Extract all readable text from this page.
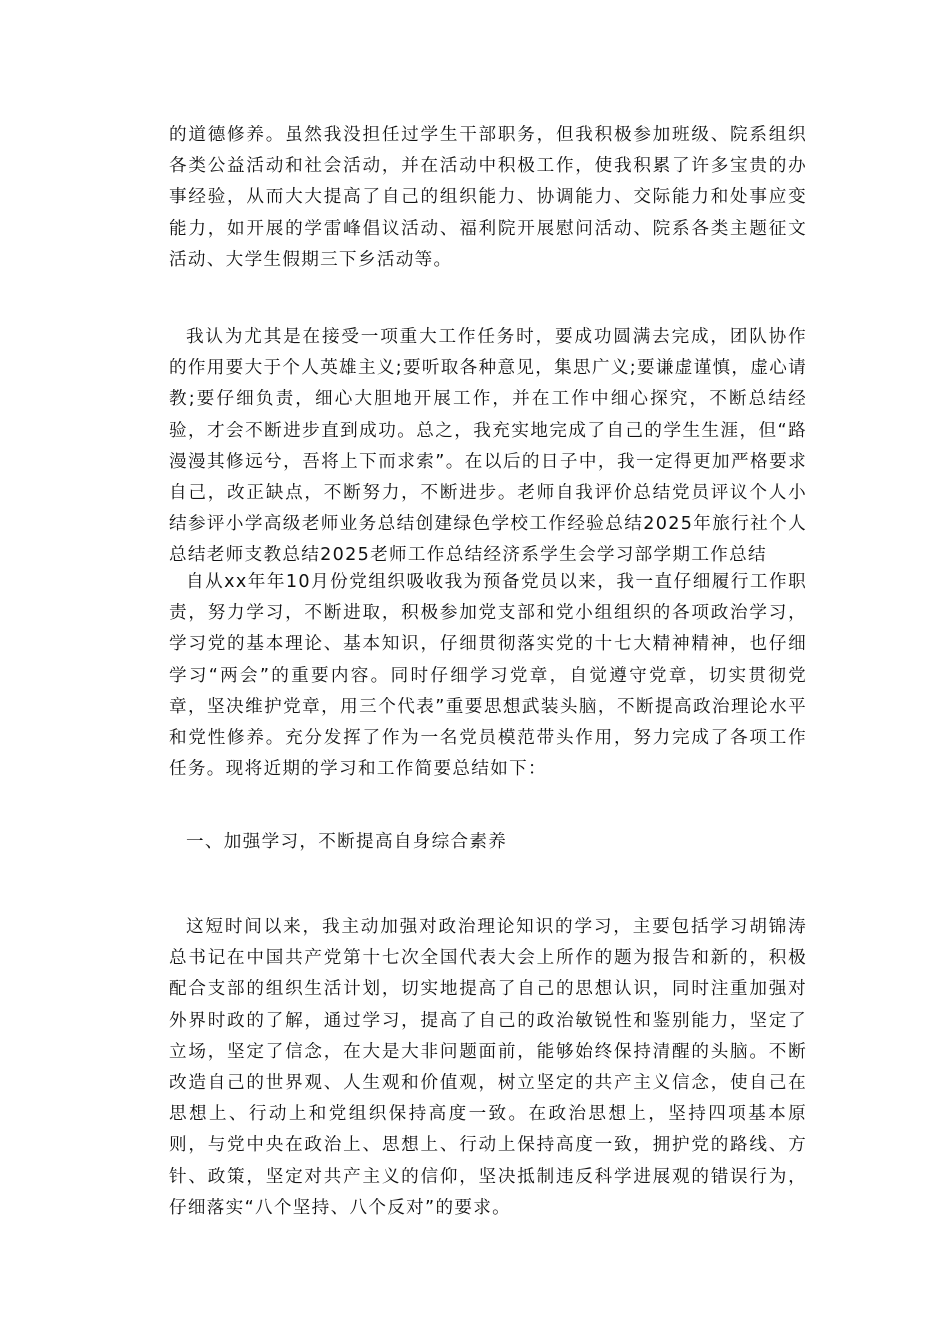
的道德修养。虽然我没担任过学生干部职务，但我积极参加班级、院系组织各类公益活动和社会活动，并在活动中积极工作，使我积累了许多宝贵的办事经验，从而大大提高了自己的组织能力、协调能力、交际能力和处事应变能力，如开展的学雷峰倡议活动、福利院开展慰问活动、院系各类主题征文活动、大学生假期三下乡活动等。

我认为尤其是在接受一项重大工作任务时，要成功圆满去完成，团队协作的作用要大于个人英雄主义;要听取各种意见，集思广义;要谦虚谨慎，虚心请教;要仔细负责，细心大胆地开展工作，并在工作中细心探究，不断总结经验，才会不断进步直到成功。总之，我充实地完成了自己的学生生涯，但“路漫漫其修远兮，吾将上下而求索”。在以后的日子中，我一定得更加严格要求自己，改正缺点，不断努力，不断进步。老师自我评价总结党员评议个人小结参评小学高级老师业务总结创建绿色学校工作经验总结2025年旅行社个人总结老师支教总结2025老师工作总结经济系学生会学习部学期工作总结

自从xx年年10月份党组织吸收我为预备党员以来，我一直仔细履行工作职责，努力学习，不断进取，积极参加党支部和党小组组织的各项政治学习，学习党的基本理论、基本知识，仔细贯彻落实党的十七大精神精神，也仔细学习“两会”的重要内容。同时仔细学习党章，自觉遵守党章，切实贯彻党章，坚决维护党章，用三个代表”重要思想武装头脑，不断提高政治理论水平和党性修养。充分发挥了作为一名党员模范带头作用，努力完成了各项工作任务。现将近期的学习和工作简要总结如下：

一、加强学习，不断提高自身综合素养

这短时间以来，我主动加强对政治理论知识的学习，主要包括学习胡锦涛总书记在中国共产党第十七次全国代表大会上所作的题为报告和新的，积极配合支部的组织生活计划，切实地提高了自己的思想认识，同时注重加强对外界时政的了解，通过学习，提高了自己的政治敏锐性和鉴别能力，坚定了立场，坚定了信念，在大是大非问题面前，能够始终保持清醒的头脑。不断改造自己的世界观、人生观和价值观，树立坚定的共产主义信念，使自己在思想上、行动上和党组织保持高度一致。在政治思想上，坚持四项基本原则，与党中央在政治上、思想上、行动上保持高度一致，拥护党的路线、方针、政策，坚定对共产主义的信仰，坚决抵制违反科学进展观的错误行为，仔细落实“八个坚持、八个反对”的要求。
